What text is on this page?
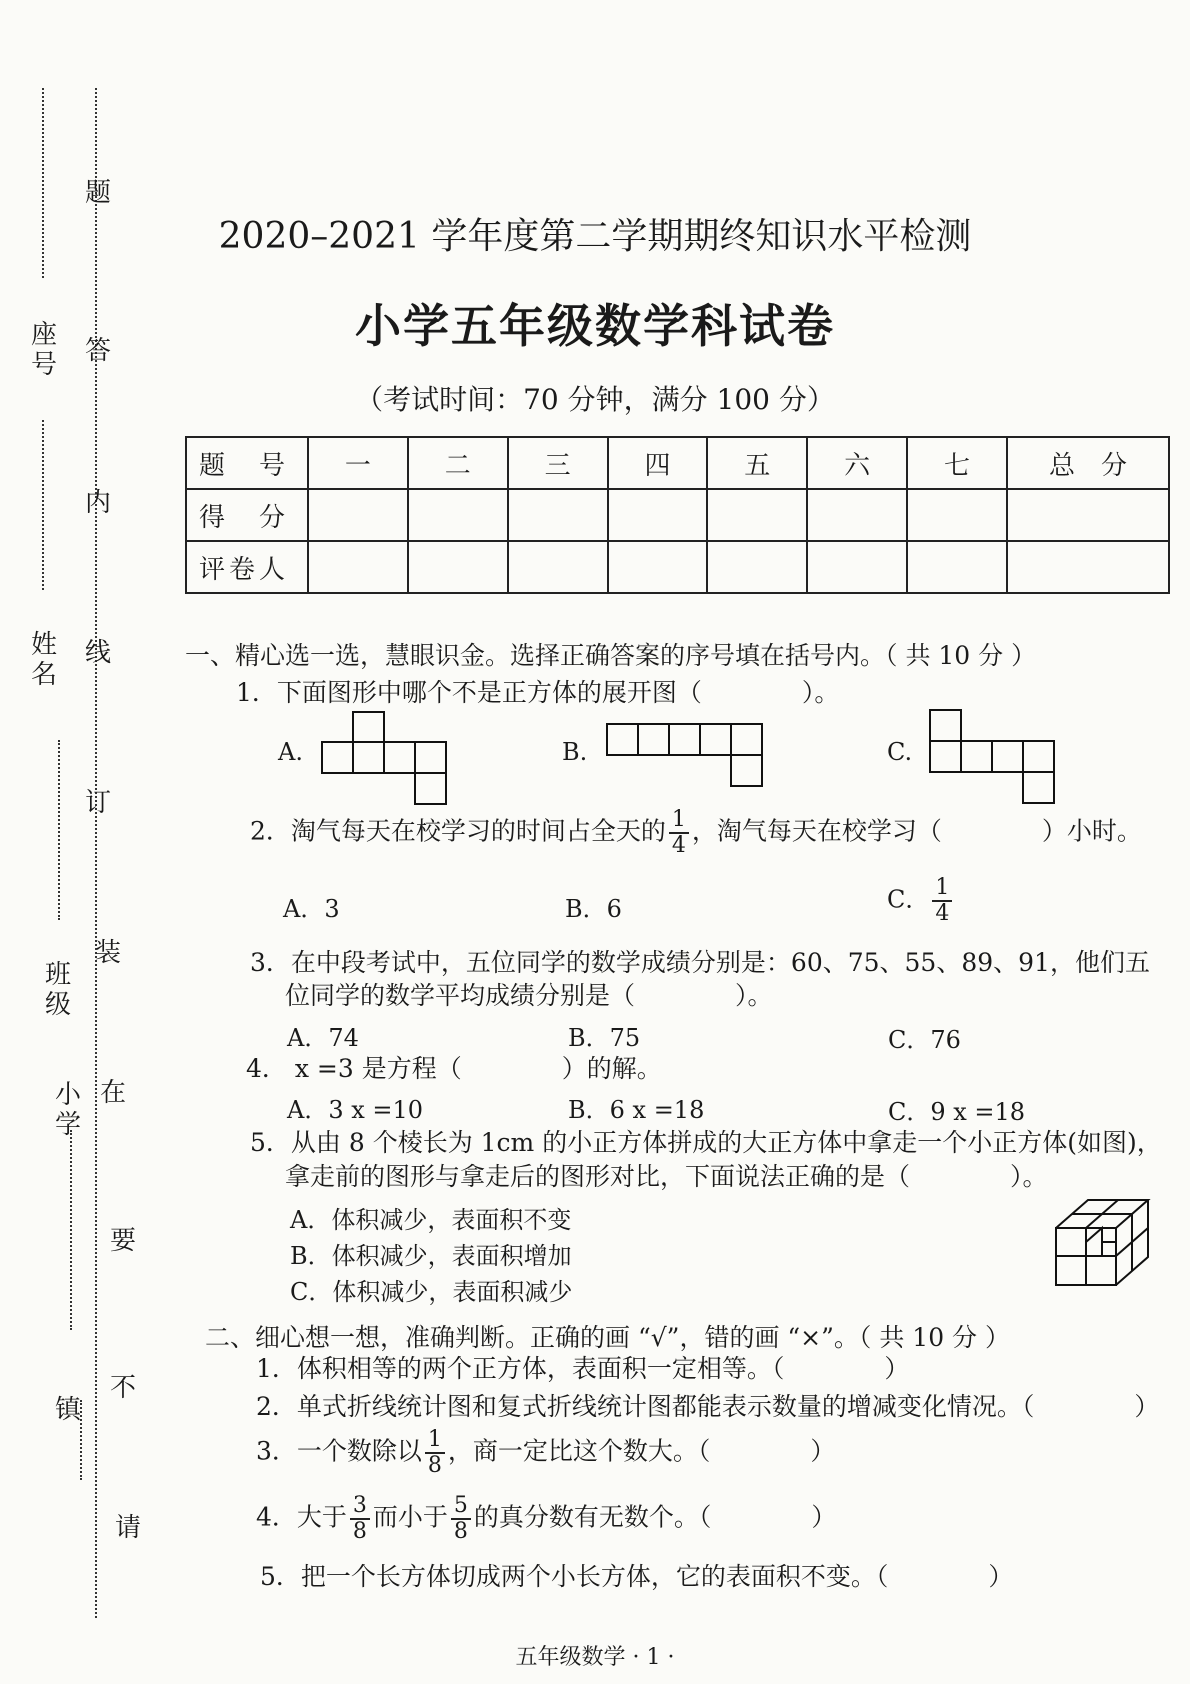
座号
姓名
班级
小学
镇
题
答
内
线
订
装
在
要
不
请
2020–2021 学年度第二学期期终知识水平检测
小学五年级数学科试卷
（考试时间：70 分钟，满分 100 分）
题　号	一	二	三	四	五	六	七	总　分
得　分								
评卷人								
一、精心选一选，慧眼识金。选择正确答案的序号填在括号内。（ 共 10 分 ）
1．下面图形中哪个不是正方体的展开图（　　　　）。
A.	B.	C.
2．淘气每天在校学习的时间占全天的 $\frac{1}{4}$ ，淘气每天在校学习（　　　　）小时。
A．3	B．6	C． $\frac{1}{4}$
3．在中段考试中，五位同学的数学成绩分别是：60、75、55、89、91，他们五
位同学的数学平均成绩分别是（　　　　）。
A．74	B．75	C．76
4． x =3 是方程（　　　　）的解。
A．3 x =10	B．6 x =18	C．9 x =18
5．从由 8 个棱长为 1cm 的小正方体拼成的大正方体中拿走一个小正方体(如图)，
拿走前的图形与拿走后的图形对比，下面说法正确的是（　　　　）。
A．体积减少，表面积不变
B．体积减少，表面积增加
C．体积减少，表面积减少
二、细心想一想，准确判断。正确的画 “√”，错的画 “×”。（ 共 10 分 ）
1．体积相等的两个正方体，表面积一定相等。（　　　　）
2．单式折线统计图和复式折线统计图都能表示数量的增减变化情况。（　　　　）
3．一个数除以 $\frac{1}{8}$ ，商一定比这个数大。（　　　　）
4．大于 $\frac{3}{8}$ 而小于 $\frac{5}{8}$ 的真分数有无数个。（　　　　）
5．把一个长方体切成两个小长方体，它的表面积不变。（　　　　）
五年级数学 · 1 ·
